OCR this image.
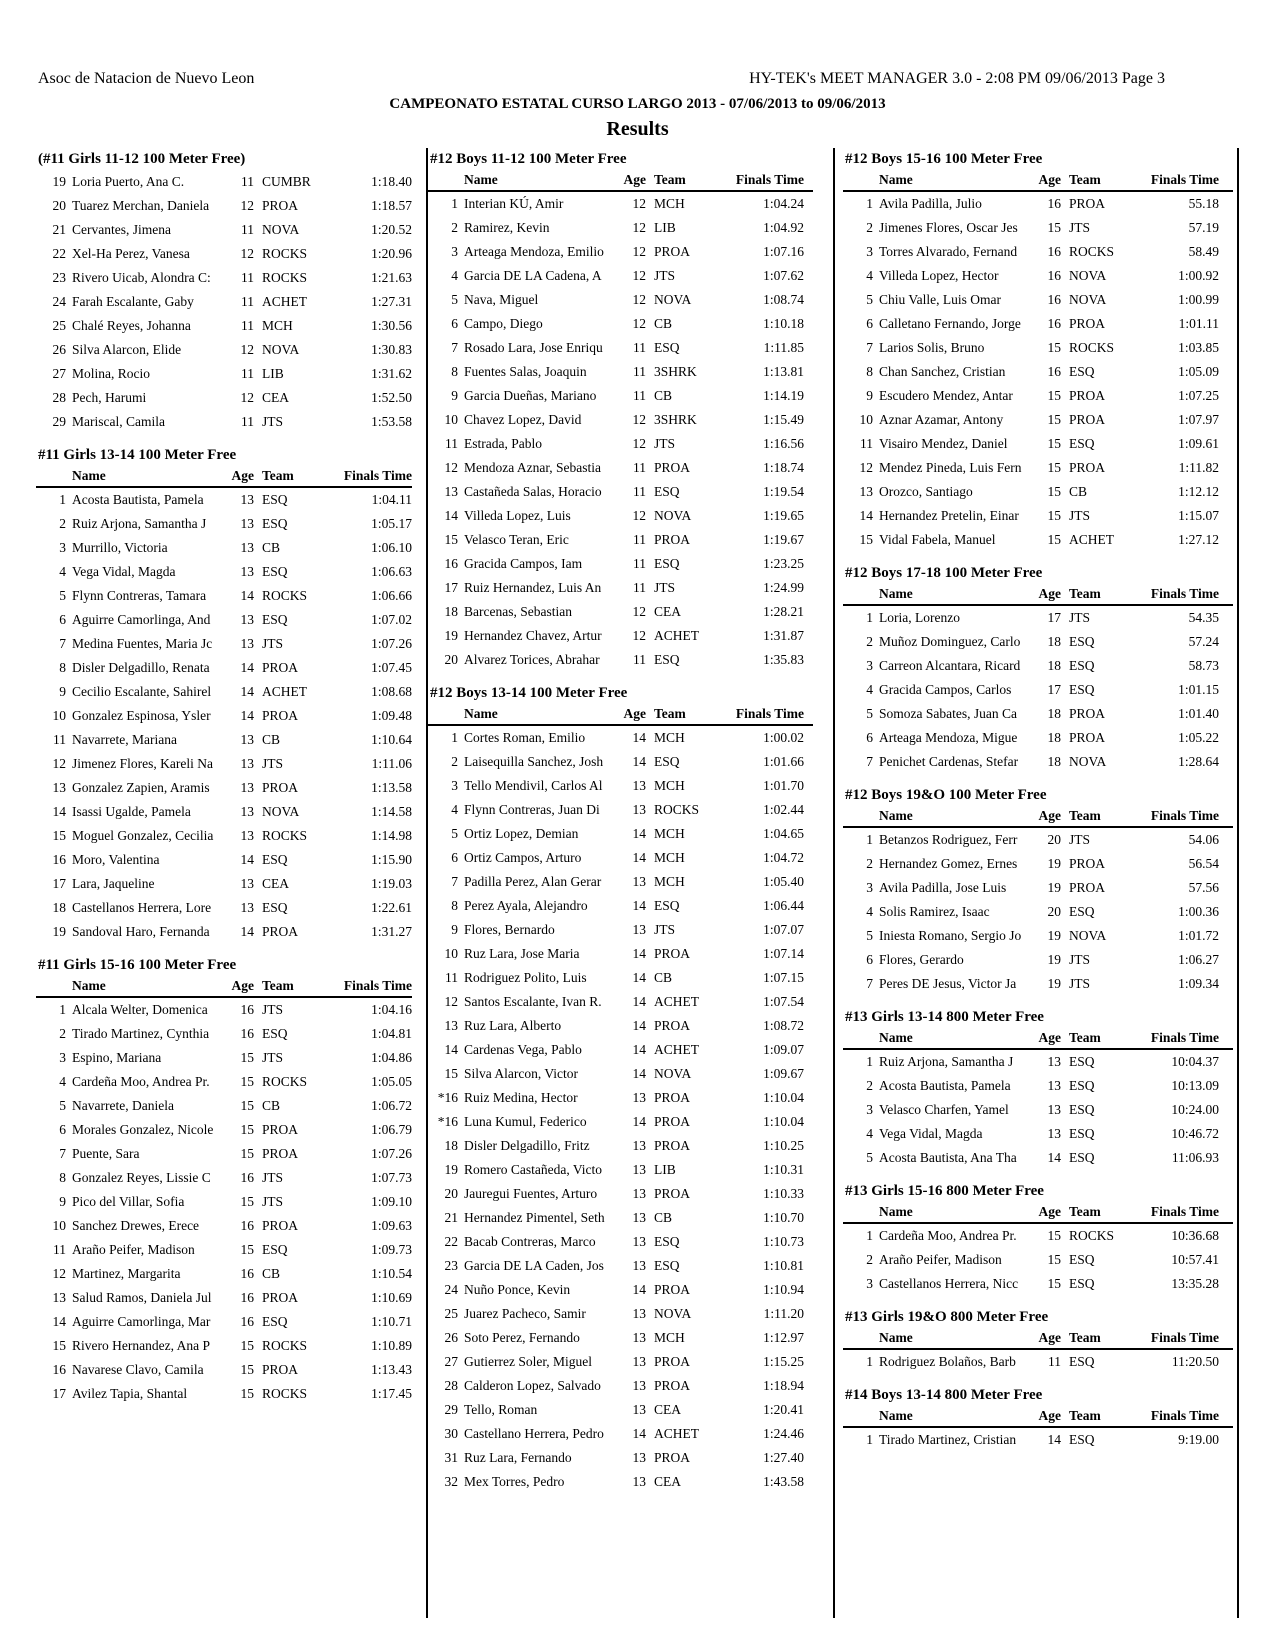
Asoc de Natacion de Nuevo Leon	HY-TEK's MEET MANAGER 3.0 - 2:08 PM 09/06/2013 Page 3
CAMPEONATO ESTATAL CURSO LARGO 2013 - 07/06/2013 to 09/06/2013
Results
(#11 Girls 11-12 100 Meter Free)
19 Loria Puerto, Ana C.	11 CUMBR	1:18.40
20 Tuarez Merchan, Daniela	12 PROA	1:18.57
21 Cervantes, Jimena	11 NOVA	1:20.52
22 Xel-Ha Perez, Vanesa	12 ROCKS	1:20.96
23 Rivero Uicab, Alondra C:	11 ROCKS	1:21.63
24 Farah Escalante, Gaby	11 ACHET	1:27.31
25 Chalé Reyes, Johanna	11 MCH	1:30.56
26 Silva Alarcon, Elide	12 NOVA	1:30.83
27 Molina, Rocio	11 LIB	1:31.62
28 Pech, Harumi	12 CEA	1:52.50
29 Mariscal, Camila	11 JTS	1:53.58
#11 Girls 13-14 100 Meter Free
Name	Age Team	Finals Time
1 Acosta Bautista, Pamela	13 ESQ	1:04.11
2 Ruiz Arjona, Samantha J	13 ESQ	1:05.17
3 Murrillo, Victoria	13 CB	1:06.10
4 Vega Vidal, Magda	13 ESQ	1:06.63
5 Flynn Contreras, Tamara	14 ROCKS	1:06.66
6 Aguirre Camorlinga, And	13 ESQ	1:07.02
7 Medina Fuentes, Maria Jc	13 JTS	1:07.26
8 Disler Delgadillo, Renata	14 PROA	1:07.45
9 Cecilio Escalante, Sahirel	14 ACHET	1:08.68
10 Gonzalez Espinosa, Ysler	14 PROA	1:09.48
11 Navarrete, Mariana	13 CB	1:10.64
12 Jimenez Flores, Kareli Na	13 JTS	1:11.06
13 Gonzalez Zapien, Aramis	13 PROA	1:13.58
14 Isassi Ugalde, Pamela	13 NOVA	1:14.58
15 Moguel Gonzalez, Cecilia	13 ROCKS	1:14.98
16 Moro, Valentina	14 ESQ	1:15.90
17 Lara, Jaqueline	13 CEA	1:19.03
18 Castellanos Herrera, Lore	13 ESQ	1:22.61
19 Sandoval Haro, Fernanda	14 PROA	1:31.27
#11 Girls 15-16 100 Meter Free
Name	Age Team	Finals Time
1 Alcala Welter, Domenica	16 JTS	1:04.16
2 Tirado Martinez, Cynthia	16 ESQ	1:04.81
3 Espino, Mariana	15 JTS	1:04.86
4 Cardeña Moo, Andrea Pr.	15 ROCKS	1:05.05
5 Navarrete, Daniela	15 CB	1:06.72
6 Morales Gonzalez, Nicole	15 PROA	1:06.79
7 Puente, Sara	15 PROA	1:07.26
8 Gonzalez Reyes, Lissie C	16 JTS	1:07.73
9 Pico del Villar, Sofia	15 JTS	1:09.10
10 Sanchez Drewes, Erece	16 PROA	1:09.63
11 Araño Peifer, Madison	15 ESQ	1:09.73
12 Martinez, Margarita	16 CB	1:10.54
13 Salud Ramos, Daniela Jul	16 PROA	1:10.69
14 Aguirre Camorlinga, Mar	16 ESQ	1:10.71
15 Rivero Hernandez, Ana P	15 ROCKS	1:10.89
16 Navarese Clavo, Camila	15 PROA	1:13.43
17 Avilez Tapia, Shantal	15 ROCKS	1:17.45
#12 Boys 11-12 100 Meter Free
Name	Age Team	Finals Time
1 Interian KÚ, Amir	12 MCH	1:04.24
2 Ramirez, Kevin	12 LIB	1:04.92
3 Arteaga Mendoza, Emilio	12 PROA	1:07.16
4 Garcia DE LA Cadena, A	12 JTS	1:07.62
5 Nava, Miguel	12 NOVA	1:08.74
6 Campo, Diego	12 CB	1:10.18
7 Rosado Lara, Jose Enriqu	11 ESQ	1:11.85
8 Fuentes Salas, Joaquin	11 3SHRK	1:13.81
9 Garcia Dueñas, Mariano	11 CB	1:14.19
10 Chavez Lopez, David	12 3SHRK	1:15.49
11 Estrada, Pablo	12 JTS	1:16.56
12 Mendoza Aznar, Sebastia	11 PROA	1:18.74
13 Castañeda Salas, Horacio	11 ESQ	1:19.54
14 Villeda Lopez, Luis	12 NOVA	1:19.65
15 Velasco Teran, Eric	11 PROA	1:19.67
16 Gracida Campos, Iam	11 ESQ	1:23.25
17 Ruiz Hernandez, Luis An	11 JTS	1:24.99
18 Barcenas, Sebastian	12 CEA	1:28.21
19 Hernandez Chavez, Artur	12 ACHET	1:31.87
20 Alvarez Torices, Abrahar	11 ESQ	1:35.83
#12 Boys 13-14 100 Meter Free
Name	Age Team	Finals Time
1 Cortes Roman, Emilio	14 MCH	1:00.02
2 Laisequilla Sanchez, Josh	14 ESQ	1:01.66
3 Tello Mendivil, Carlos Al	13 MCH	1:01.70
4 Flynn Contreras, Juan Di	13 ROCKS	1:02.44
5 Ortiz Lopez, Demian	14 MCH	1:04.65
6 Ortiz Campos, Arturo	14 MCH	1:04.72
7 Padilla Perez, Alan Gerar	13 MCH	1:05.40
8 Perez Ayala, Alejandro	14 ESQ	1:06.44
9 Flores, Bernardo	13 JTS	1:07.07
10 Ruz Lara, Jose Maria	14 PROA	1:07.14
11 Rodriguez Polito, Luis	14 CB	1:07.15
12 Santos Escalante, Ivan R.	14 ACHET	1:07.54
13 Ruz Lara, Alberto	14 PROA	1:08.72
14 Cardenas Vega, Pablo	14 ACHET	1:09.07
15 Silva Alarcon, Victor	14 NOVA	1:09.67
*16 Ruiz Medina, Hector	13 PROA	1:10.04
*16 Luna Kumul, Federico	14 PROA	1:10.04
18 Disler Delgadillo, Fritz	13 PROA	1:10.25
19 Romero Castañeda, Victo	13 LIB	1:10.31
20 Jauregui Fuentes, Arturo	13 PROA	1:10.33
21 Hernandez Pimentel, Seth	13 CB	1:10.70
22 Bacab Contreras, Marco	13 ESQ	1:10.73
23 Garcia DE LA Caden, Jos	13 ESQ	1:10.81
24 Nuño Ponce, Kevin	14 PROA	1:10.94
25 Juarez Pacheco, Samir	13 NOVA	1:11.20
26 Soto Perez, Fernando	13 MCH	1:12.97
27 Gutierrez Soler, Miguel	13 PROA	1:15.25
28 Calderon Lopez, Salvado	13 PROA	1:18.94
29 Tello, Roman	13 CEA	1:20.41
30 Castellano Herrera, Pedro	14 ACHET	1:24.46
31 Ruz Lara, Fernando	13 PROA	1:27.40
32 Mex Torres, Pedro	13 CEA	1:43.58
#12 Boys 15-16 100 Meter Free
Name	Age Team	Finals Time
1 Avila Padilla, Julio	16 PROA	55.18
2 Jimenes Flores, Oscar Jes	15 JTS	57.19
3 Torres Alvarado, Fernand	16 ROCKS	58.49
4 Villeda Lopez, Hector	16 NOVA	1:00.92
5 Chiu Valle, Luis Omar	16 NOVA	1:00.99
6 Calletano Fernando, Jorge	16 PROA	1:01.11
7 Larios Solis, Bruno	15 ROCKS	1:03.85
8 Chan Sanchez, Cristian	16 ESQ	1:05.09
9 Escudero Mendez, Antar	15 PROA	1:07.25
10 Aznar Azamar, Antony	15 PROA	1:07.97
11 Visairo Mendez, Daniel	15 ESQ	1:09.61
12 Mendez Pineda, Luis Fern	15 PROA	1:11.82
13 Orozco, Santiago	15 CB	1:12.12
14 Hernandez Pretelin, Einar	15 JTS	1:15.07
15 Vidal Fabela, Manuel	15 ACHET	1:27.12
#12 Boys 17-18 100 Meter Free
Name	Age Team	Finals Time
1 Loria, Lorenzo	17 JTS	54.35
2 Muñoz Dominguez, Carlo	18 ESQ	57.24
3 Carreon Alcantara, Ricard	18 ESQ	58.73
4 Gracida Campos, Carlos	17 ESQ	1:01.15
5 Somoza Sabates, Juan Ca	18 PROA	1:01.40
6 Arteaga Mendoza, Migue	18 PROA	1:05.22
7 Penichet Cardenas, Stefar	18 NOVA	1:28.64
#12 Boys 19&O 100 Meter Free
Name	Age Team	Finals Time
1 Betanzos Rodriguez, Ferr	20 JTS	54.06
2 Hernandez Gomez, Ernes	19 PROA	56.54
3 Avila Padilla, Jose Luis	19 PROA	57.56
4 Solis Ramirez, Isaac	20 ESQ	1:00.36
5 Iniesta Romano, Sergio Jo	19 NOVA	1:01.72
6 Flores, Gerardo	19 JTS	1:06.27
7 Peres DE Jesus, Victor Ja	19 JTS	1:09.34
#13 Girls 13-14 800 Meter Free
Name	Age Team	Finals Time
1 Ruiz Arjona, Samantha J	13 ESQ	10:04.37
2 Acosta Bautista, Pamela	13 ESQ	10:13.09
3 Velasco Charfen, Yamel	13 ESQ	10:24.00
4 Vega Vidal, Magda	13 ESQ	10:46.72
5 Acosta Bautista, Ana Tha	14 ESQ	11:06.93
#13 Girls 15-16 800 Meter Free
Name	Age Team	Finals Time
1 Cardeña Moo, Andrea Pr.	15 ROCKS	10:36.68
2 Araño Peifer, Madison	15 ESQ	10:57.41
3 Castellanos Herrera, Nicc	15 ESQ	13:35.28
#13 Girls 19&O 800 Meter Free
Name	Age Team	Finals Time
1 Rodriguez Bolaños, Barb	11 ESQ	11:20.50
#14 Boys 13-14 800 Meter Free
Name	Age Team	Finals Time
1 Tirado Martinez, Cristian	14 ESQ	9:19.00
